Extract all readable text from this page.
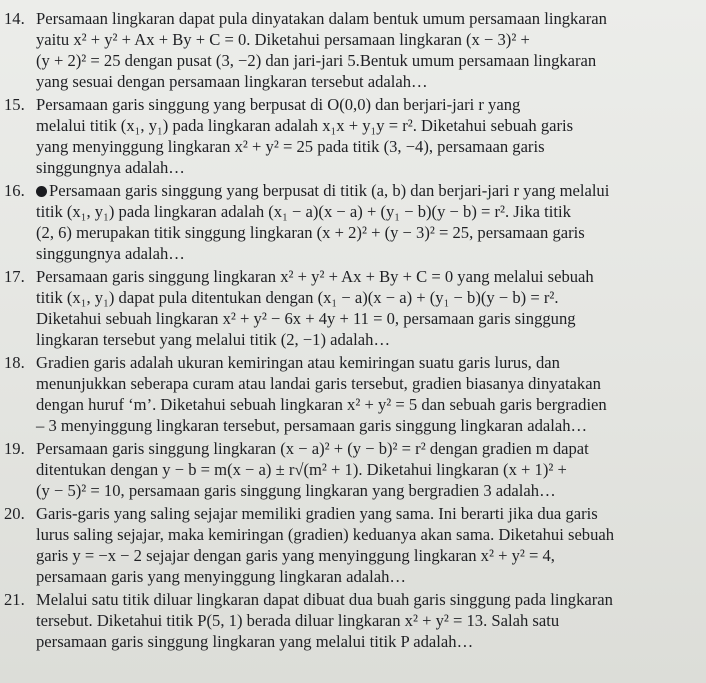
14. Persamaan lingkaran dapat pula dinyatakan dalam bentuk umum persamaan lingkaran
yaitu x² + y² + Ax + By + C = 0. Diketahui persamaan lingkaran (x − 3)² +
(y + 2)² = 25 dengan pusat (3, −2) dan jari-jari 5.Bentuk umum persamaan lingkaran
yang sesuai dengan persamaan lingkaran tersebut adalah…
15. Persamaan garis singgung yang berpusat di O(0,0) dan berjari-jari r yang
melalui titik (x₁, y₁) pada lingkaran adalah x₁x + y₁y = r². Diketahui sebuah garis
yang menyinggung lingkaran x² + y² = 25 pada titik (3, −4), persamaan garis
singgungnya adalah…
16.	Persamaan garis singgung yang berpusat di titik (a, b) dan berjari-jari r yang melalui
titik (x₁, y₁) pada lingkaran adalah (x₁ − a)(x − a) + (y₁ − b)(y − b) = r². Jika titik
(2, 6) merupakan titik singgung lingkaran (x + 2)² + (y − 3)² = 25, persamaan garis
singgungnya adalah…
17. Persamaan garis singgung lingkaran x² + y² + Ax + By + C = 0 yang melalui sebuah
titik (x₁, y₁) dapat pula ditentukan dengan (x₁ − a)(x − a) + (y₁ − b)(y − b) = r².
Diketahui sebuah lingkaran x² + y² − 6x + 4y + 11 = 0, persamaan garis singgung
lingkaran tersebut yang melalui titik (2, −1) adalah…
18. Gradien garis adalah ukuran kemiringan atau kemiringan suatu garis lurus, dan
menunjukkan seberapa curam atau landai garis tersebut, gradien biasanya dinyatakan
dengan huruf ‘m’. Diketahui sebuah lingkaran x² + y² = 5 dan sebuah garis bergradien
– 3 menyinggung lingkaran tersebut, persamaan garis singgung lingkaran adalah…
19. Persamaan garis singgung lingkaran (x − a)² + (y − b)² = r² dengan gradien m dapat
ditentukan dengan y − b = m(x − a) ± r√(m² + 1). Diketahui lingkaran (x + 1)² +
(y − 5)² = 10, persamaan garis singgung lingkaran yang bergradien 3 adalah…
20. Garis-garis yang saling sejajar memiliki gradien yang sama. Ini berarti jika dua garis
lurus saling sejajar, maka kemiringan (gradien) keduanya akan sama. Diketahui sebuah
garis y = −x − 2 sejajar dengan garis yang menyinggung lingkaran x² + y² = 4,
persamaan garis yang menyinggung lingkaran adalah…
21. Melalui satu titik diluar lingkaran dapat dibuat dua buah garis singgung pada lingkaran
tersebut. Diketahui titik P(5, 1) berada diluar lingkaran x² + y² = 13. Salah satu
persamaan garis singgung lingkaran yang melalui titik P adalah…
